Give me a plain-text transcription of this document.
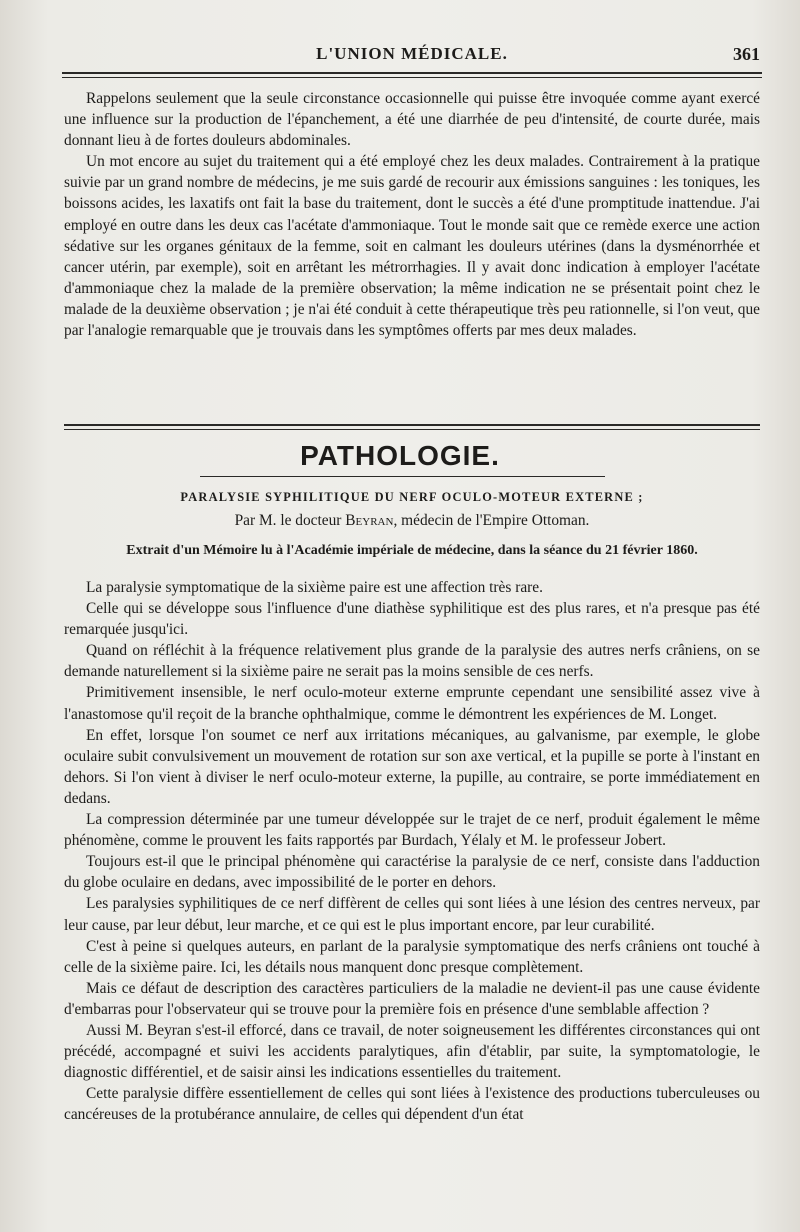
L'UNION MÉDICALE.	361

Rappelons seulement que la seule circonstance occasionnelle qui puisse être invoquée comme ayant exercé une influence sur la production de l'épanchement, a été une diarrhée de peu d'intensité, de courte durée, mais donnant lieu à de fortes douleurs abdominales.

Un mot encore au sujet du traitement qui a été employé chez les deux malades. Contrairement à la pratique suivie par un grand nombre de médecins, je me suis gardé de recourir aux émissions sanguines : les toniques, les boissons acides, les laxatifs ont fait la base du traitement, dont le succès a été d'une promptitude inattendue. J'ai employé en outre dans les deux cas l'acétate d'ammoniaque. Tout le monde sait que ce remède exerce une action sédative sur les organes génitaux de la femme, soit en calmant les douleurs utérines (dans la dysménorrhée et cancer utérin, par exemple), soit en arrêtant les métrorrhagies. Il y avait donc indication à employer l'acétate d'ammoniaque chez la malade de la première observation; la même indication ne se présentait point chez le malade de la deuxième observation ; je n'ai été conduit à cette thérapeutique très peu rationnelle, si l'on veut, que par l'analogie remarquable que je trouvais dans les symptômes offerts par mes deux malades.

PATHOLOGIE.
PARALYSIE SYPHILITIQUE DU NERF OCULO-MOTEUR EXTERNE ;
Par M. le docteur Beyran, médecin de l'Empire Ottoman.
Extrait d'un Mémoire lu à l'Académie impériale de médecine, dans la séance du 21 février 1860.

La paralysie symptomatique de la sixième paire est une affection très rare.

Celle qui se développe sous l'influence d'une diathèse syphilitique est des plus rares, et n'a presque pas été remarquée jusqu'ici.

Quand on réfléchit à la fréquence relativement plus grande de la paralysie des autres nerfs crâniens, on se demande naturellement si la sixième paire ne serait pas la moins sensible de ces nerfs.

Primitivement insensible, le nerf oculo-moteur externe emprunte cependant une sensibilité assez vive à l'anastomose qu'il reçoit de la branche ophthalmique, comme le démontrent les expériences de M. Longet.

En effet, lorsque l'on soumet ce nerf aux irritations mécaniques, au galvanisme, par exemple, le globe oculaire subit convulsivement un mouvement de rotation sur son axe vertical, et la pupille se porte à l'instant en dehors. Si l'on vient à diviser le nerf oculo-moteur externe, la pupille, au contraire, se porte immédiatement en dedans.

La compression déterminée par une tumeur développée sur le trajet de ce nerf, produit également le même phénomène, comme le prouvent les faits rapportés par Burdach, Yélaly et M. le professeur Jobert.

Toujours est-il que le principal phénomène qui caractérise la paralysie de ce nerf, consiste dans l'adduction du globe oculaire en dedans, avec impossibilité de le porter en dehors.

Les paralysies syphilitiques de ce nerf diffèrent de celles qui sont liées à une lésion des centres nerveux, par leur cause, par leur début, leur marche, et ce qui est le plus important encore, par leur curabilité.

C'est à peine si quelques auteurs, en parlant de la paralysie symptomatique des nerfs crâniens ont touché à celle de la sixième paire. Ici, les détails nous manquent donc presque complètement.

Mais ce défaut de description des caractères particuliers de la maladie ne devient-il pas une cause évidente d'embarras pour l'observateur qui se trouve pour la première fois en présence d'une semblable affection ?

Aussi M. Beyran s'est-il efforcé, dans ce travail, de noter soigneusement les différentes circonstances qui ont précédé, accompagné et suivi les accidents paralytiques, afin d'établir, par suite, la symptomatologie, le diagnostic différentiel, et de saisir ainsi les indications essentielles du traitement.

Cette paralysie diffère essentiellement de celles qui sont liées à l'existence des productions tuberculeuses ou cancéreuses de la protubérance annulaire, de celles qui dépendent d'un état
